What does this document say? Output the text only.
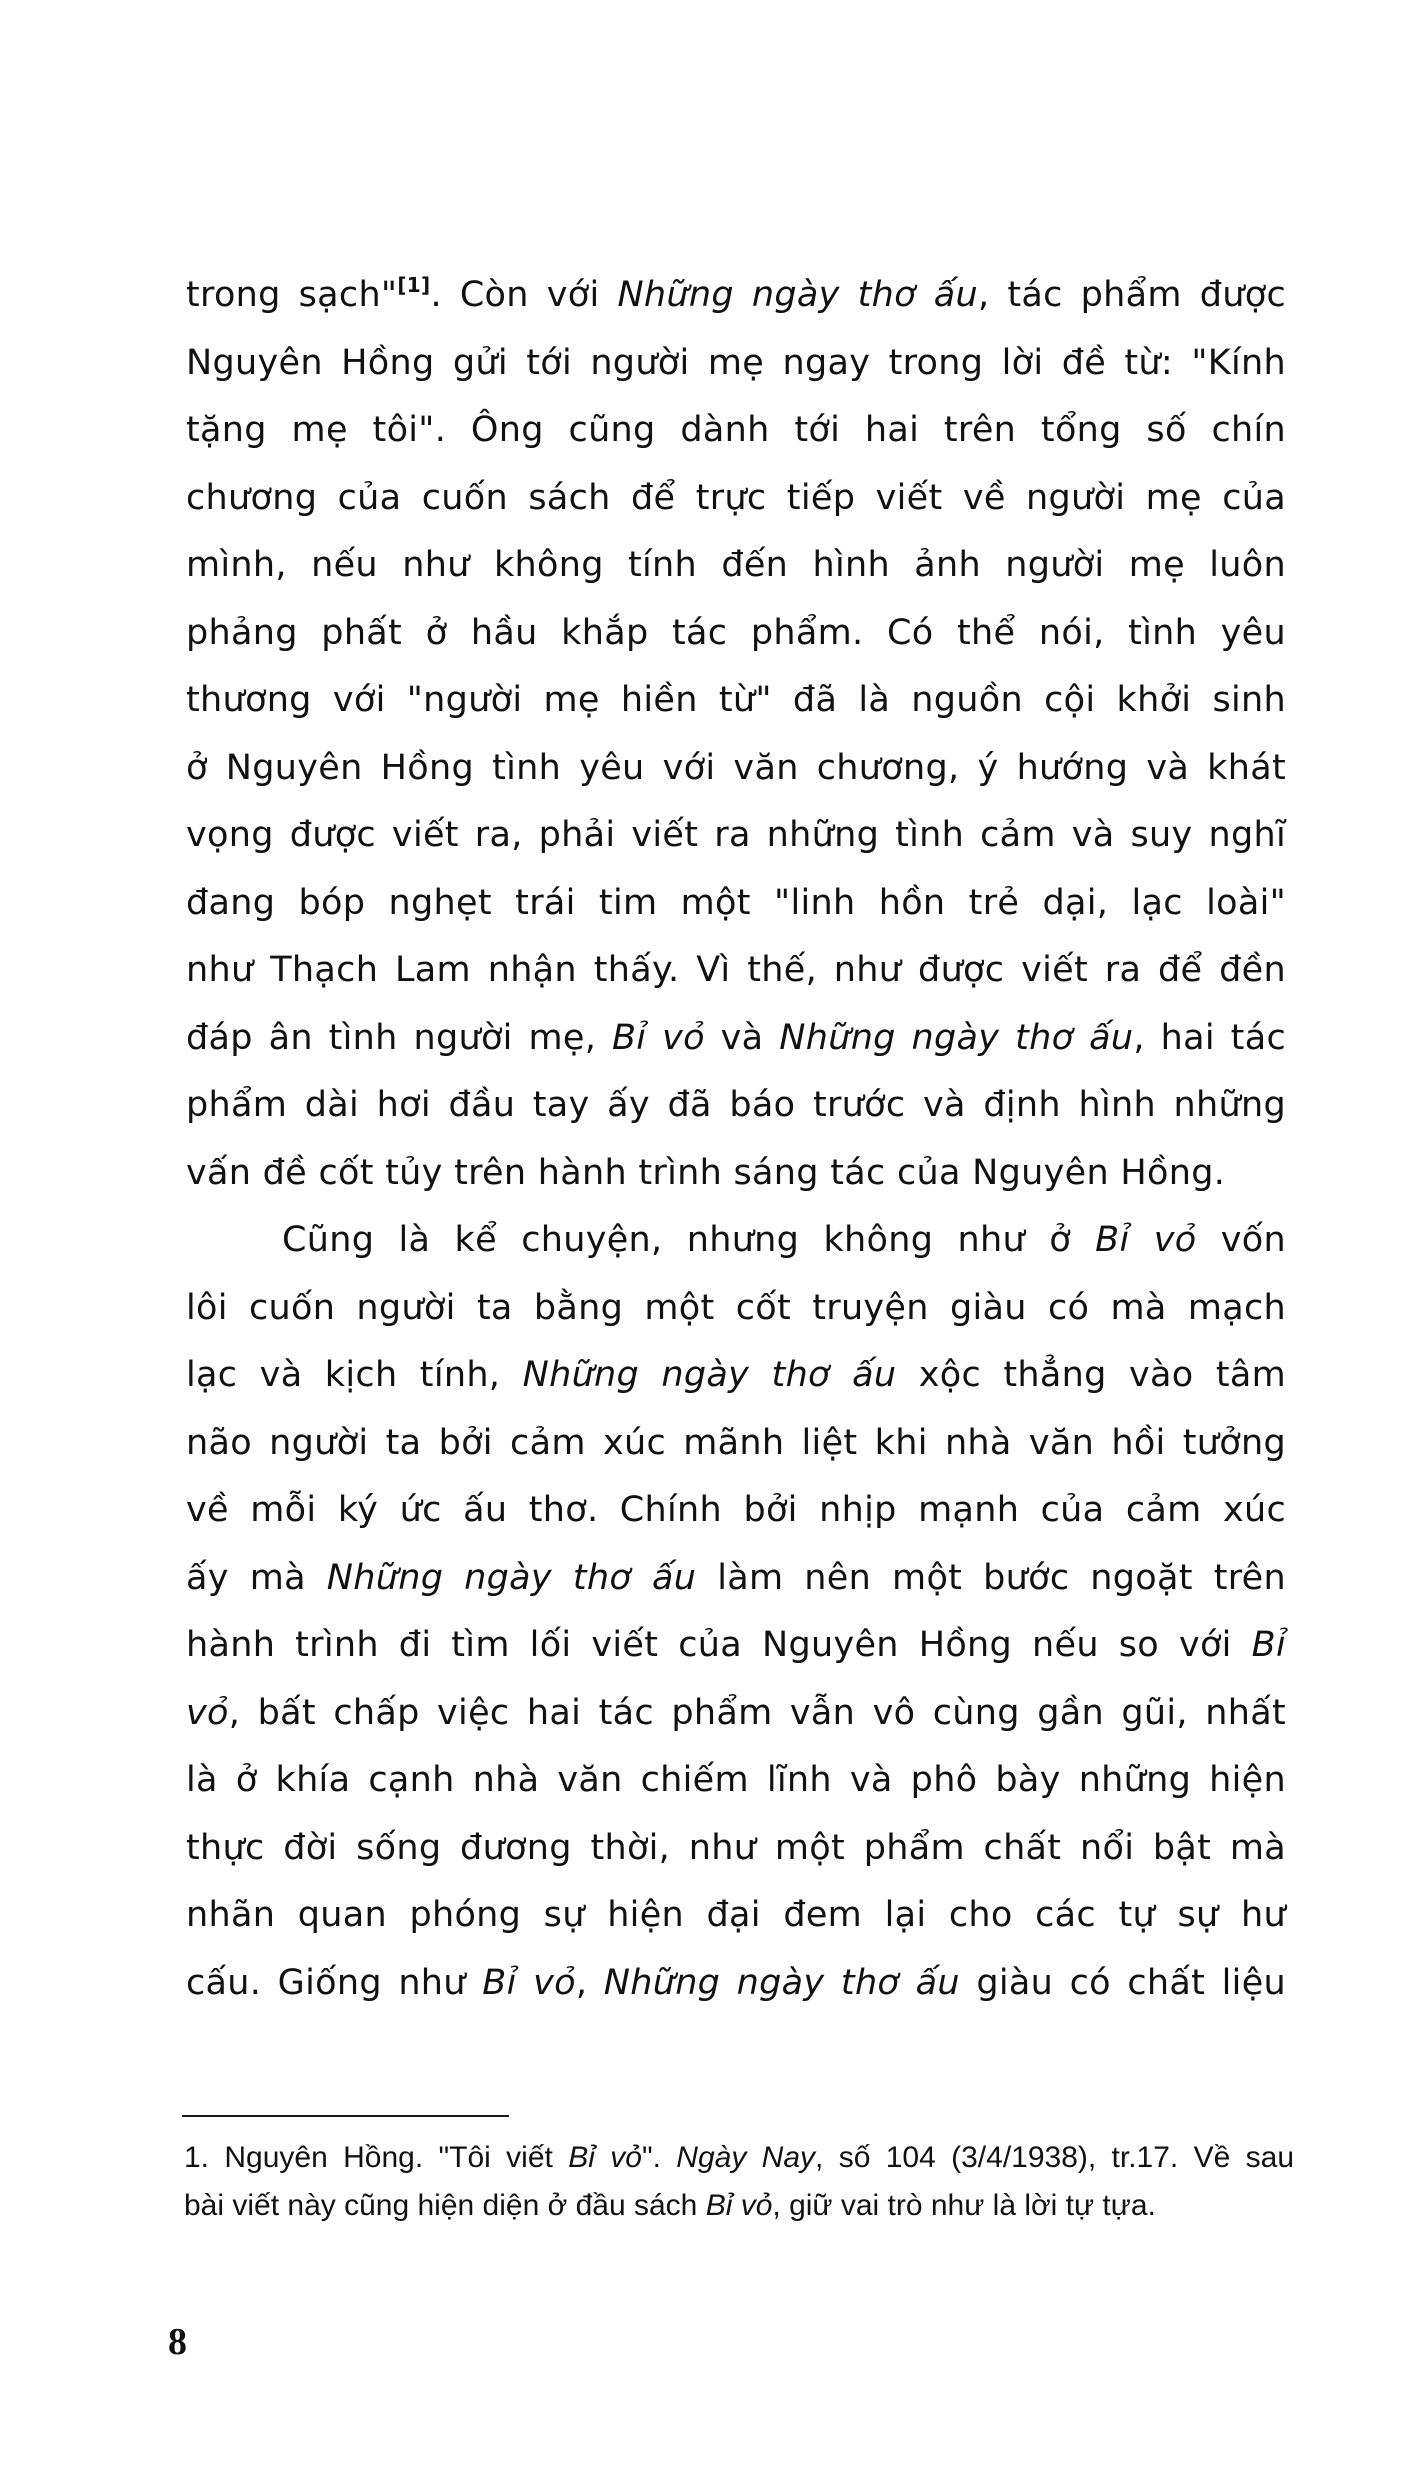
trong sạch"[1]. Còn với Những ngày thơ ấu, tác phẩm được
Nguyên Hồng gửi tới người mẹ ngay trong lời đề từ: "Kính
tặng mẹ tôi". Ông cũng dành tới hai trên tổng số chín
chương của cuốn sách để trực tiếp viết về người mẹ của
mình, nếu như không tính đến hình ảnh người mẹ luôn
phảng phất ở hầu khắp tác phẩm. Có thể nói, tình yêu
thương với "người mẹ hiền từ" đã là nguồn cội khởi sinh
ở Nguyên Hồng tình yêu với văn chương, ý hướng và khát
vọng được viết ra, phải viết ra những tình cảm và suy nghĩ
đang bóp nghẹt trái tim một "linh hồn trẻ dại, lạc loài"
như Thạch Lam nhận thấy. Vì thế, như được viết ra để đền
đáp ân tình người mẹ, Bỉ vỏ và Những ngày thơ ấu, hai tác
phẩm dài hơi đầu tay ấy đã báo trước và định hình những
vấn đề cốt tủy trên hành trình sáng tác của Nguyên Hồng.
Cũng là kể chuyện, nhưng không như ở Bỉ vỏ vốn
lôi cuốn người ta bằng một cốt truyện giàu có mà mạch
lạc và kịch tính, Những ngày thơ ấu xộc thẳng vào tâm
não người ta bởi cảm xúc mãnh liệt khi nhà văn hồi tưởng
về mỗi ký ức ấu thơ. Chính bởi nhịp mạnh của cảm xúc
ấy mà Những ngày thơ ấu làm nên một bước ngoặt trên
hành trình đi tìm lối viết của Nguyên Hồng nếu so với Bỉ
vỏ, bất chấp việc hai tác phẩm vẫn vô cùng gần gũi, nhất
là ở khía cạnh nhà văn chiếm lĩnh và phô bày những hiện
thực đời sống đương thời, như một phẩm chất nổi bật mà
nhãn quan phóng sự hiện đại đem lại cho các tự sự hư
cấu. Giống như Bỉ vỏ, Những ngày thơ ấu giàu có chất liệu
1. Nguyên Hồng. "Tôi viết Bỉ vỏ". Ngày Nay, số 104 (3/4/1938), tr.17. Về sau
bài viết này cũng hiện diện ở đầu sách Bỉ vỏ, giữ vai trò như là lời tự tựa.
8
